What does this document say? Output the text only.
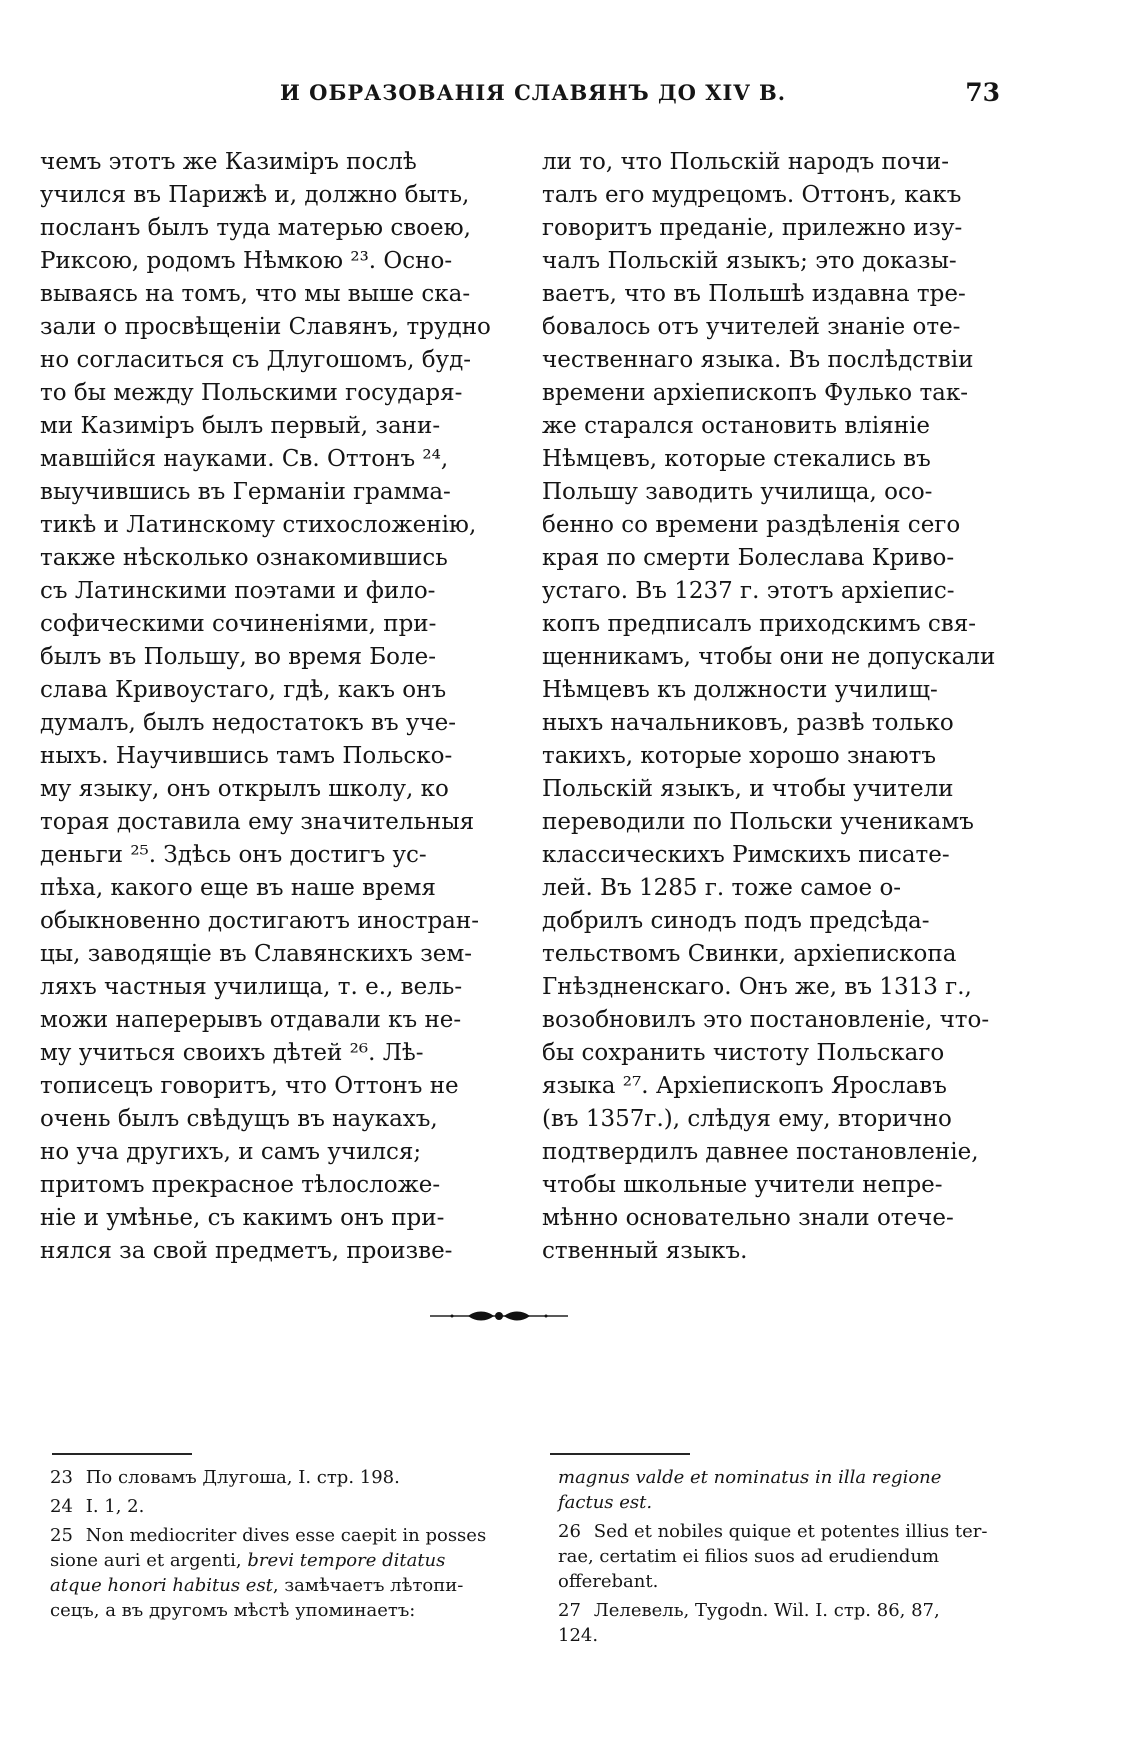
И ОБРАЗОВАНІЯ СЛАВЯНЪ ДО XIV В.	73
чемъ этотъ же Казиміръ послѣ
учился въ Парижѣ и, должно быть,
посланъ былъ туда матерью своею,
Риксою, родомъ Нѣмкою ²³. Осно-
вываясь на томъ, что мы выше ска-
зали о просвѣщеніи Славянъ, трудно
но согласиться съ Длугошомъ, буд-
то бы между Польскими государя-
ми Казиміръ былъ первый, зани-
мавшійся науками. Св. Оттонъ ²⁴,
выучившись въ Германіи грамма-
тикѣ и Латинскому стихосложенію,
также нѣсколько ознакомившись
съ Латинскими поэтами и фило-
софическими сочиненіями, при-
былъ въ Польшу, во время Боле-
слава Кривоустаго, гдѣ, какъ онъ
думалъ, былъ недостатокъ въ уче-
ныхъ. Научившись тамъ Польско-
му языку, онъ открылъ школу, ко
торая доставила ему значительныя
деньги ²⁵. Здѣсь онъ достигъ ус-
пѣха, какого еще въ наше время
обыкновенно достигаютъ иностран-
цы, заводящіе въ Славянскихъ зем-
ляхъ частныя училища, т. е., вель-
можи наперерывъ отдавали къ не-
му учиться своихъ дѣтей ²⁶. Лѣ-
тописецъ говоритъ, что Оттонъ не
очень былъ свѣдущъ въ наукахъ,
но уча другихъ, и самъ учился;
притомъ прекрасное тѣлосложе-
ніе и умѣнье, съ какимъ онъ при-
нялся за свой предметъ, произве-
ли то, что Польскій народъ почи-
талъ его мудрецомъ. Оттонъ, какъ
говоритъ преданіе, прилежно изу-
чалъ Польскій языкъ; это доказы-
ваетъ, что въ Польшѣ издавна тре-
бовалось отъ учителей знаніе оте-
чественнаго языка. Въ послѣдствіи
времени архіепископъ Фулько так-
же старался остановить вліяніе
Нѣмцевъ, которые стекались въ
Польшу заводить училища, осо-
бенно со времени раздѣленія сего
края по смерти Болеслава Криво-
устаго. Въ 1237 г. этотъ архіепис-
копъ предписалъ приходскимъ свя-
щенникамъ, чтобы они не допускали
Нѣмцевъ къ должности училищ-
ныхъ начальниковъ, развѣ только
такихъ, которые хорошо знаютъ
Польскій языкъ, и чтобы учители
переводили по Польски ученикамъ
классическихъ Римскихъ писате-
лей. Въ 1285 г. тоже самое о-
добрилъ синодъ подъ предсѣда-
тельствомъ Свинки, архіепископа
Гнѣздненскаго. Онъ же, въ 1313 г.,
возобновилъ это постановленіе, что-
бы сохранить чистоту Польскаго
языка ²⁷. Архіепископъ Ярославъ
(въ 1357г.), слѣдуя ему, вторично
подтвердилъ давнее постановленіе,
чтобы школьные учители непре-
мѣнно основательно знали отече-
ственный языкъ.
23 По словамъ Длугоша, I. стр. 198.
24 I. 1, 2.
25 Non mediocriter dives esse caepit in posses
sione auri et argenti, brevi tempore ditatus
atque honori habitus est, замѣчаетъ лѣтопи-
сецъ, а въ другомъ мѣстѣ упоминаетъ:
magnus valde et nominatus in illa regione
factus est.
26 Sed et nobiles quique et potentes illius ter-
rae, certatim ei filios suos ad erudiendum
offerebant.
27 Лелевель, Tygodn. Wil. I. стр. 86, 87,
124.
